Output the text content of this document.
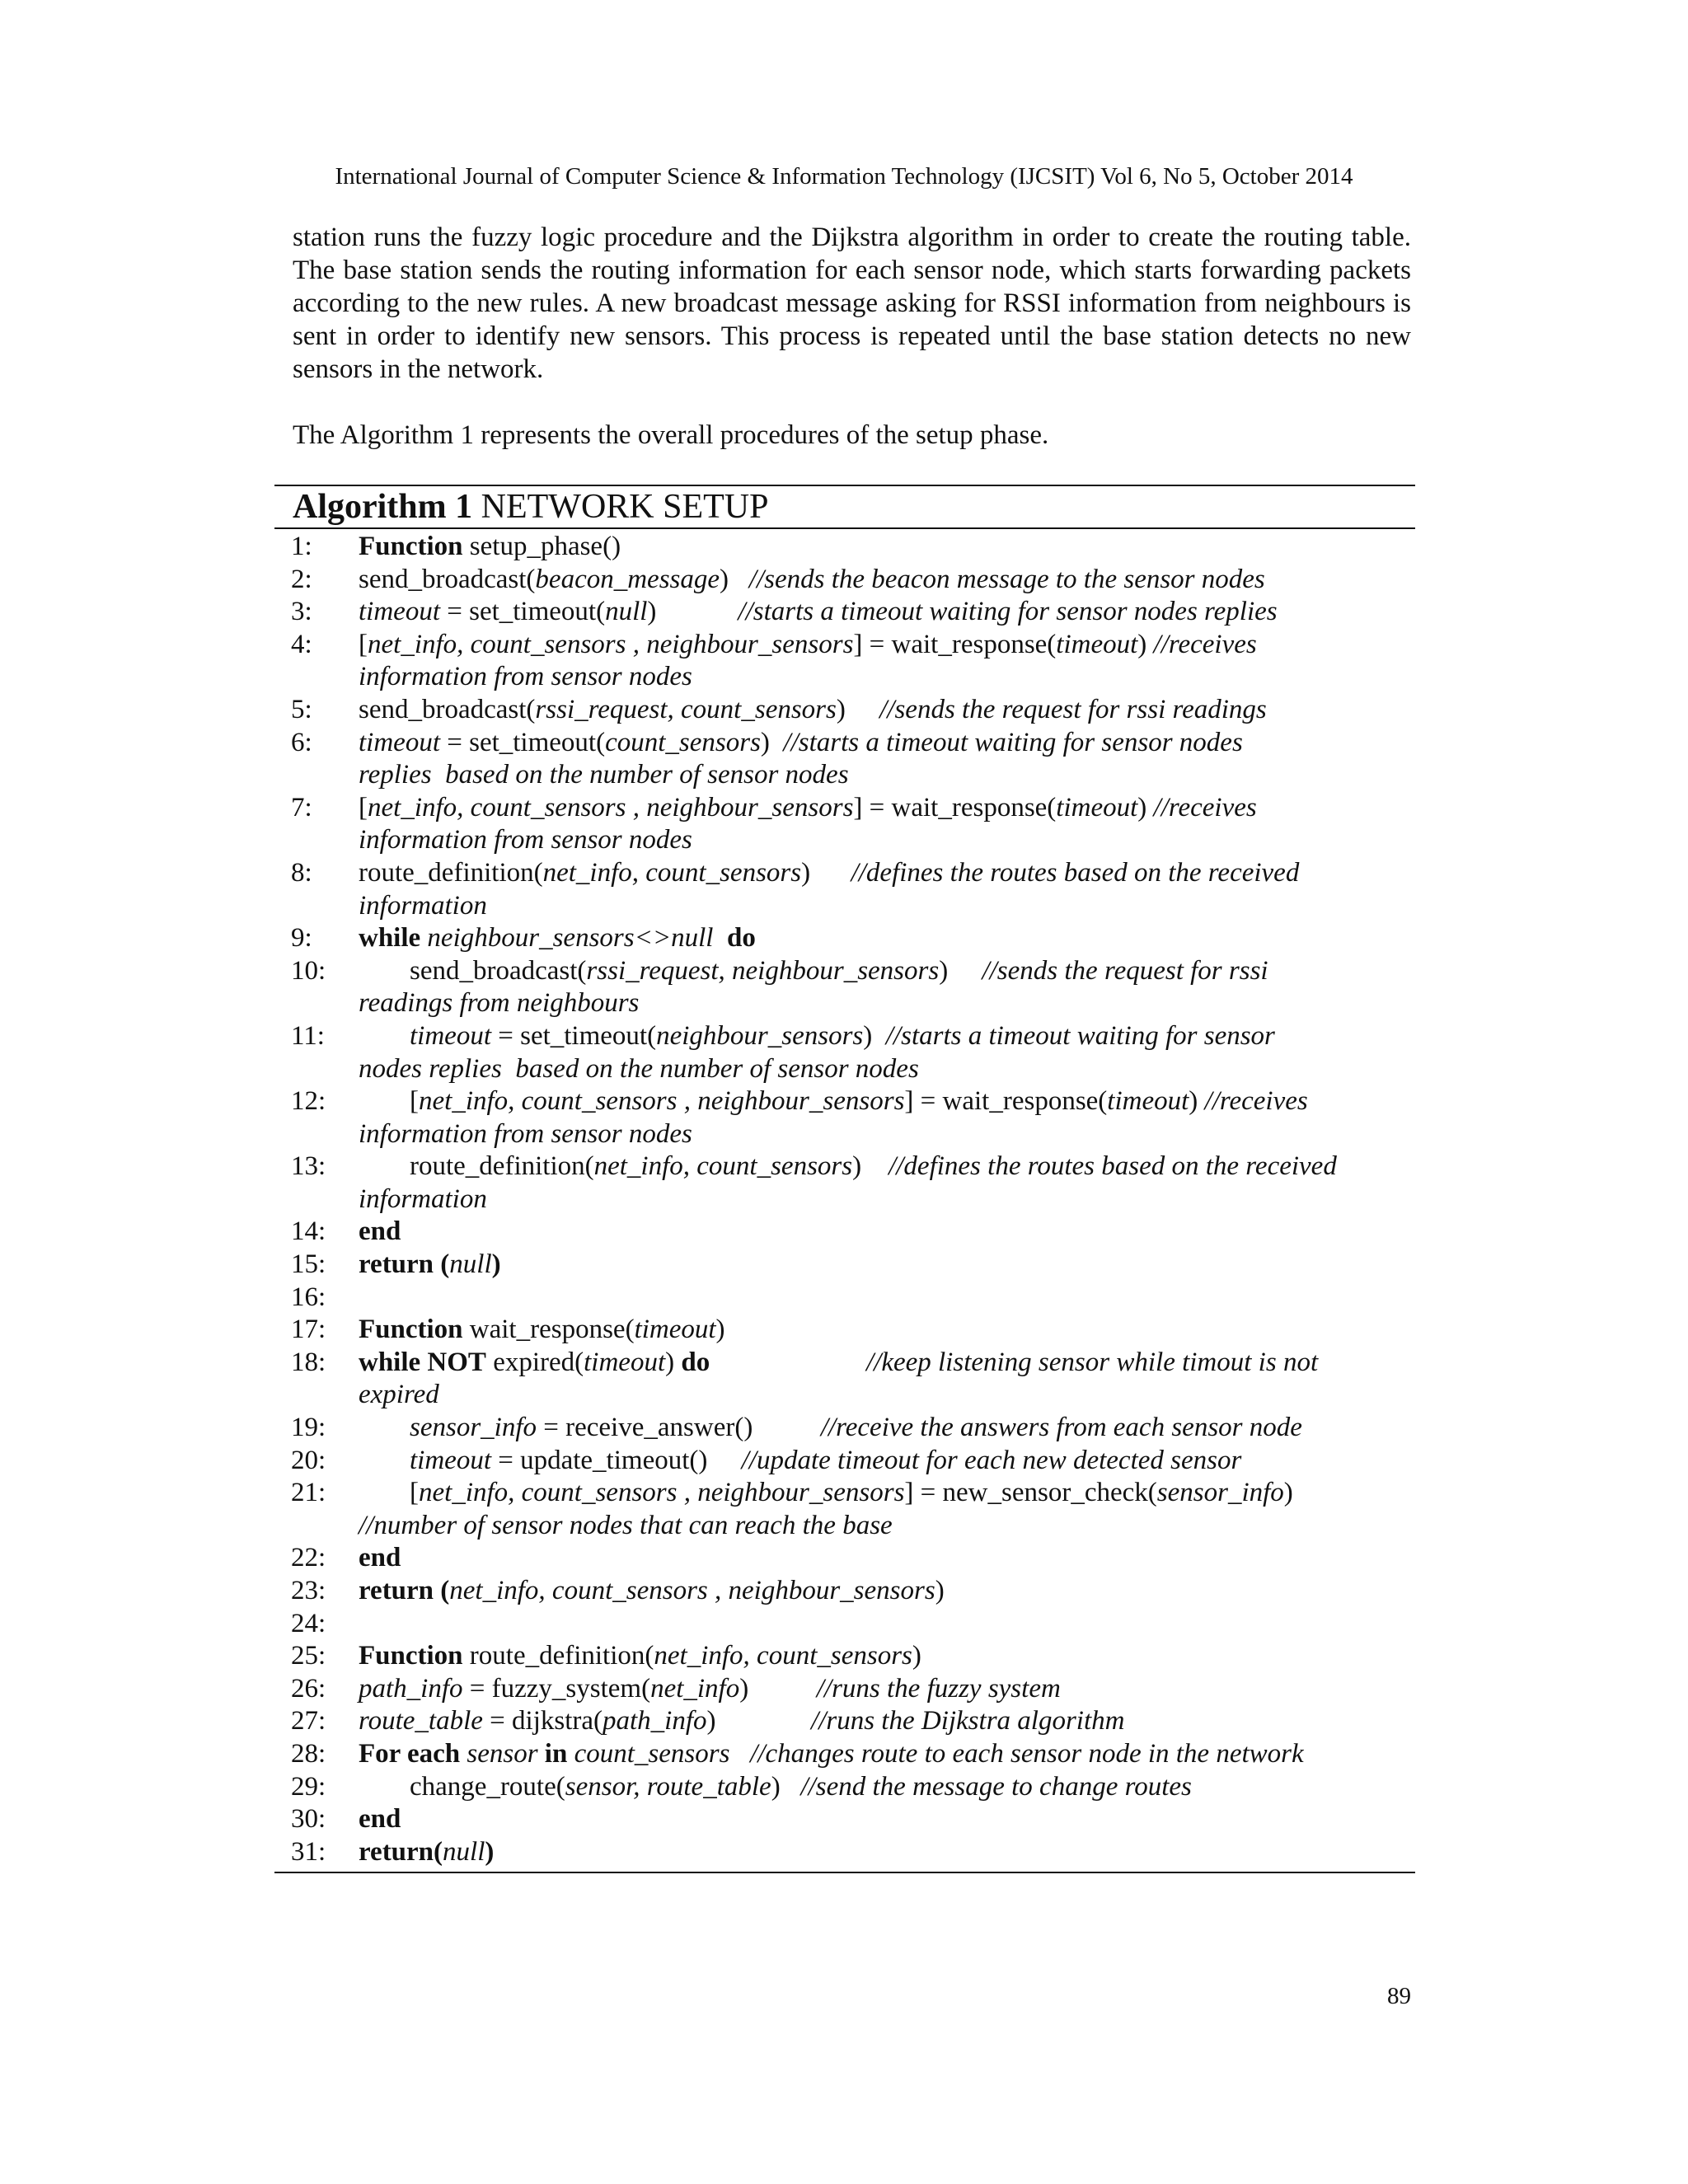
International Journal of Computer Science & Information Technology (IJCSIT) Vol 6, No 5, October 2014

station runs the fuzzy logic procedure and the Dijkstra algorithm in order to create the routing table. The base station sends the routing information for each sensor node, which starts forwarding packets according to the new rules. A new broadcast message asking for RSSI information from neighbours is sent in order to identify new sensors. This process is repeated until the base station detects no new sensors in the network.

The Algorithm 1 represents the overall procedures of the setup phase.

Algorithm 1 NETWORK SETUP
1:	Function setup_phase()
2:	send_broadcast(beacon_message)   //sends the beacon message to the sensor nodes
3:	timeout = set_timeout(null)            //starts a timeout waiting for sensor nodes replies
4:	[net_info, count_sensors , neighbour_sensors] = wait_response(timeout) //receives
information from sensor nodes
5:	send_broadcast(rssi_request, count_sensors)     //sends the request for rssi readings
6:	timeout = set_timeout(count_sensors)  //starts a timeout waiting for sensor nodes
replies  based on the number of sensor nodes
7:	[net_info, count_sensors , neighbour_sensors] = wait_response(timeout) //receives
information from sensor nodes
8:	route_definition(net_info, count_sensors)      //defines the routes based on the received
information
9:	while neighbour_sensors<>null do
10:	send_broadcast(rssi_request, neighbour_sensors)     //sends the request for rssi
readings from neighbours
11:	timeout = set_timeout(neighbour_sensors)  //starts a timeout waiting for sensor
nodes replies  based on the number of sensor nodes
12:	[net_info, count_sensors , neighbour_sensors] = wait_response(timeout) //receives
information from sensor nodes
13:	route_definition(net_info, count_sensors)    //defines the routes based on the received
information
14:	end
15:	return (null)
16:

17:	Function wait_response(timeout)
18:	while NOT expired(timeout) do	//keep listening sensor while timout is not
expired
19:	sensor_info = receive_answer()          //receive the answers from each sensor node
20:	timeout = update_timeout()     //update timeout for each new detected sensor
21:	[net_info, count_sensors , neighbour_sensors] = new_sensor_check(sensor_info)
//number of sensor nodes that can reach the base
22:	end
23:	return (net_info, count_sensors , neighbour_sensors)
24:

25:	Function route_definition(net_info, count_sensors)
26:	path_info = fuzzy_system(net_info)          //runs the fuzzy system
27:	route_table = dijkstra(path_info)              //runs the Dijkstra algorithm
28:	For each sensor in count_sensors   //changes route to each sensor node in the network
29:	change_route(sensor, route_table)   //send the message to change routes
30:	end
31:	return(null)
89
